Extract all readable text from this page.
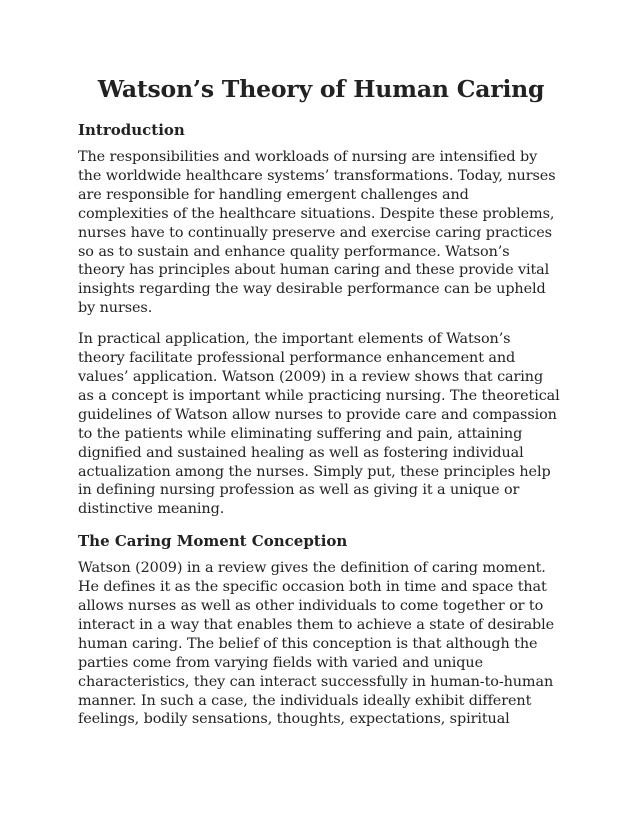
Watson’s Theory of Human Caring
Introduction

The responsibilities and workloads of nursing are intensified by
the worldwide healthcare systems’ transformations. Today, nurses
are responsible for handling emergent challenges and
complexities of the healthcare situations. Despite these problems,
nurses have to continually preserve and exercise caring practices
so as to sustain and enhance quality performance. Watson’s
theory has principles about human caring and these provide vital
insights regarding the way desirable performance can be upheld
by nurses.

In practical application, the important elements of Watson’s
theory facilitate professional performance enhancement and
values’ application. Watson (2009) in a review shows that caring
as a concept is important while practicing nursing. The theoretical
guidelines of Watson allow nurses to provide care and compassion
to the patients while eliminating suffering and pain, attaining
dignified and sustained healing as well as fostering individual
actualization among the nurses. Simply put, these principles help
in defining nursing profession as well as giving it a unique or
distinctive meaning.

The Caring Moment Conception

Watson (2009) in a review gives the definition of caring moment.
He defines it as the specific occasion both in time and space that
allows nurses as well as other individuals to come together or to
interact in a way that enables them to achieve a state of desirable
human caring. The belief of this conception is that although the
parties come from varying fields with varied and unique
characteristics, they can interact successfully in human-to-human
manner. In such a case, the individuals ideally exhibit different
feelings, bodily sensations, thoughts, expectations, spiritual
